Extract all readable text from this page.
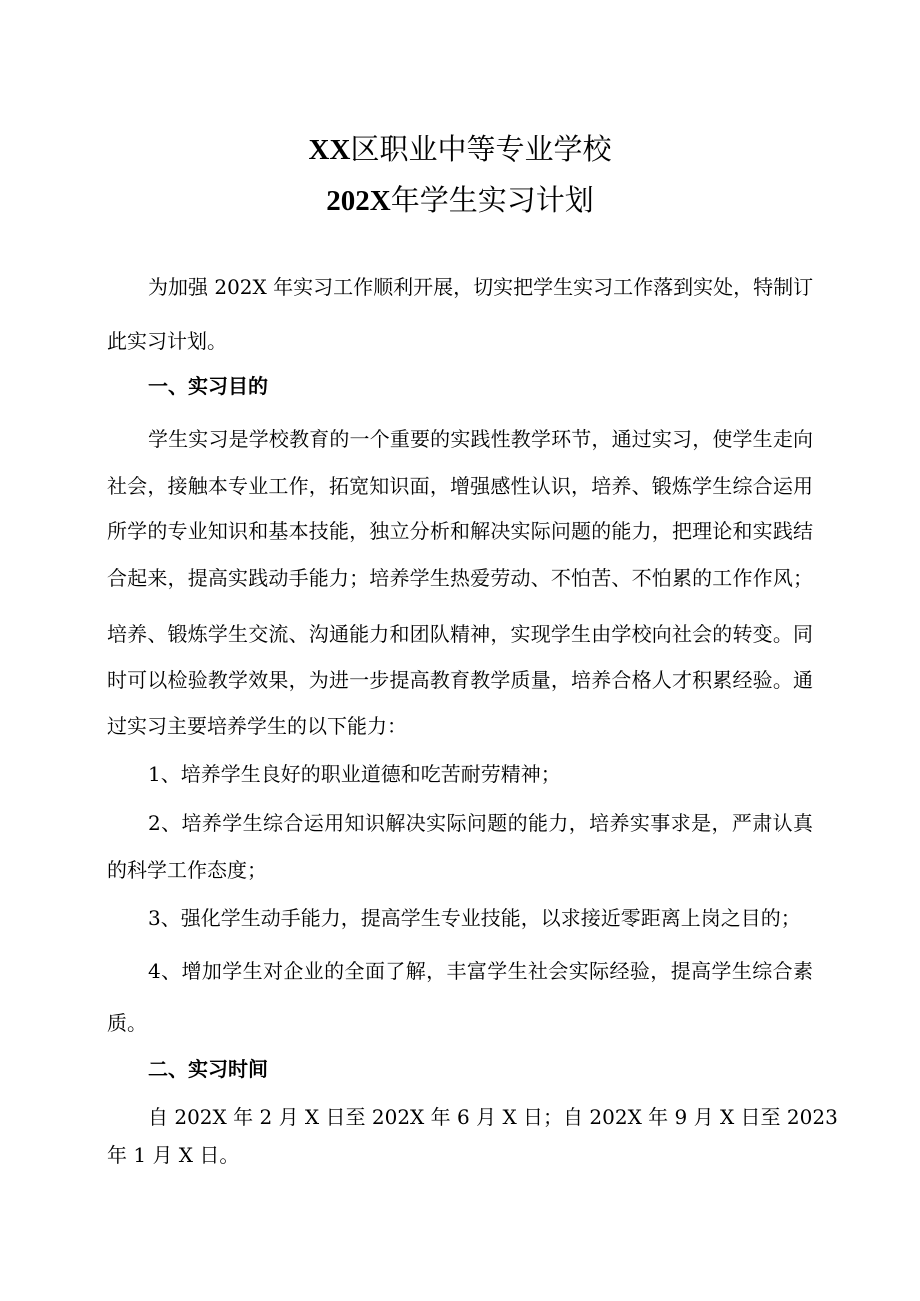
XX区职业中等专业学校
202X年学生实习计划

为加强 202X 年实习工作顺利开展，切实把学生实习工作落到实处，特制订

此实习计划。

一、实习目的

学生实习是学校教育的一个重要的实践性教学环节，通过实习，使学生走向

社会，接触本专业工作，拓宽知识面，增强感性认识，培养、锻炼学生综合运用

所学的专业知识和基本技能，独立分析和解决实际问题的能力，把理论和实践结

合起来，提高实践动手能力；培养学生热爱劳动、不怕苦、不怕累的工作作风；

培养、锻炼学生交流、沟通能力和团队精神，实现学生由学校向社会的转变。同

时可以检验教学效果，为进一步提高教育教学质量，培养合格人才积累经验。通

过实习主要培养学生的以下能力：

1、培养学生良好的职业道德和吃苦耐劳精神；

2、培养学生综合运用知识解决实际问题的能力，培养实事求是，严肃认真

的科学工作态度；

3、强化学生动手能力，提高学生专业技能，以求接近零距离上岗之目的；

4、增加学生对企业的全面了解，丰富学生社会实际经验，提高学生综合素

质。

二、实习时间

自 202X 年 2 月 X 日至 202X 年 6 月 X 日；自 202X 年 9 月 X 日至 2023

年 1 月 X 日。
